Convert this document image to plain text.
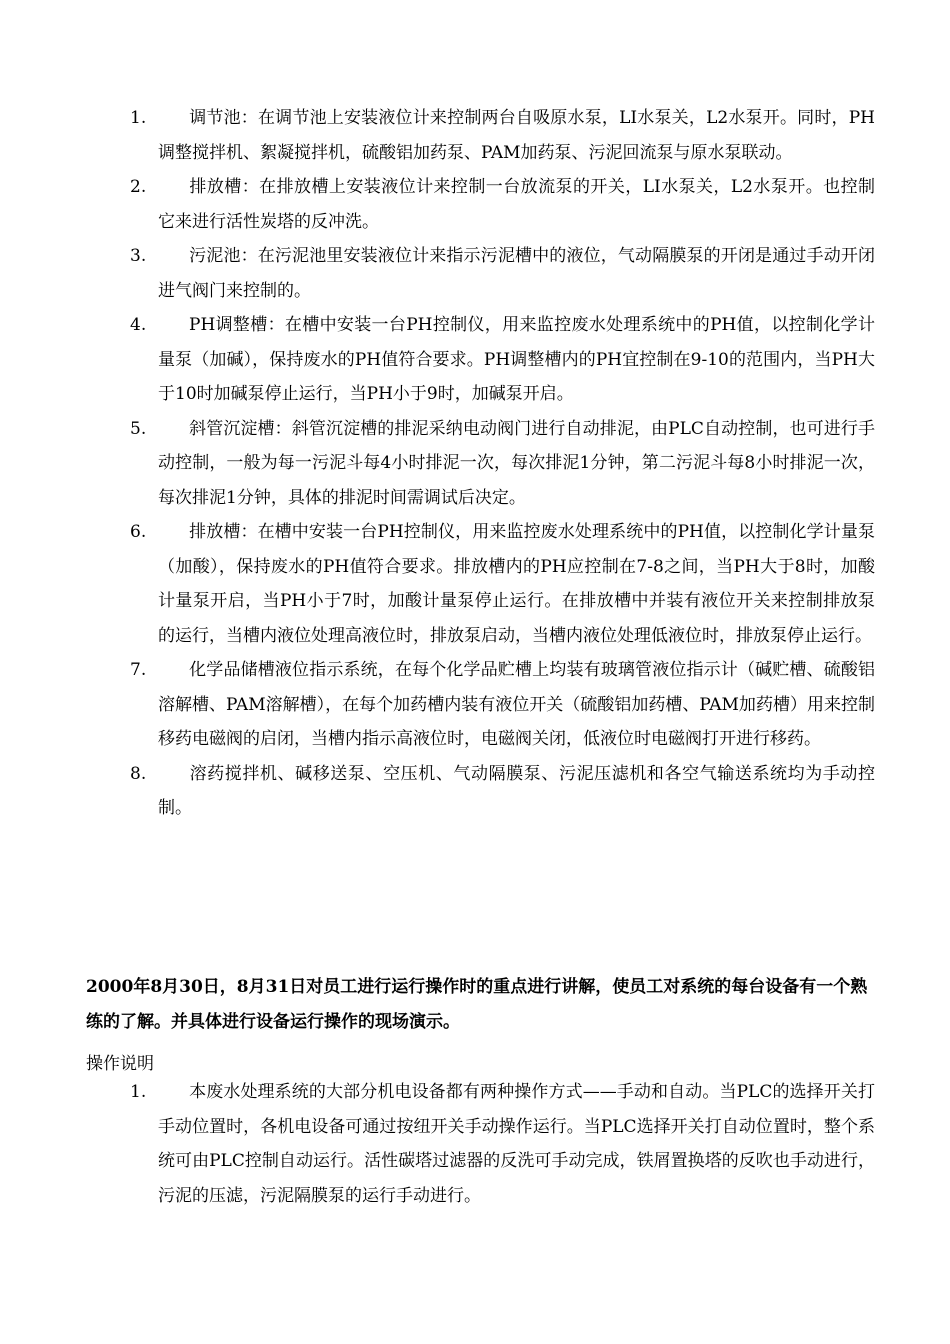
1.	调节池：在调节池上安装液位计来控制两台自吸原水泵，LI水泵关，L2水泵开。同时，PH调整搅拌机、絮凝搅拌机，硫酸铝加药泵、PAM加药泵、污泥回流泵与原水泵联动。
2.	排放槽：在排放槽上安装液位计来控制一台放流泵的开关，LI水泵关，L2水泵开。也控制它来进行活性炭塔的反冲洗。
3.	污泥池：在污泥池里安装液位计来指示污泥槽中的液位，气动隔膜泵的开闭是通过手动开闭进气阀门来控制的。
4.	PH调整槽：在槽中安装一台PH控制仪，用来监控废水处理系统中的PH值，以控制化学计量泵（加碱），保持废水的PH值符合要求。PH调整槽内的PH宜控制在9-10的范围内，当PH大于10时加碱泵停止运行，当PH小于9时，加碱泵开启。
5.	斜管沉淀槽：斜管沉淀槽的排泥采纳电动阀门进行自动排泥，由PLC自动控制，也可进行手动控制，一般为每一污泥斗每4小时排泥一次，每次排泥1分钟，第二污泥斗每8小时排泥一次，每次排泥1分钟，具体的排泥时间需调试后决定。
6.	排放槽：在槽中安装一台PH控制仪，用来监控废水处理系统中的PH值，以控制化学计量泵（加酸），保持废水的PH值符合要求。排放槽内的PH应控制在7-8之间，当PH大于8时，加酸计量泵开启，当PH小于7时，加酸计量泵停止运行。在排放槽中并装有液位开关来控制排放泵的运行，当槽内液位处理高液位时，排放泵启动，当槽内液位处理低液位时，排放泵停止运行。
7.	化学品储槽液位指示系统，在每个化学品贮槽上均装有玻璃管液位指示计（碱贮槽、硫酸铝溶解槽、PAM溶解槽），在每个加药槽内装有液位开关（硫酸铝加药槽、PAM加药槽）用来控制移药电磁阀的启闭，当槽内指示高液位时，电磁阀关闭，低液位时电磁阀打开进行移药。
8.	溶药搅拌机、碱移送泵、空压机、气动隔膜泵、污泥压滤机和各空气输送系统均为手动控制。

2000年8月30日，8月31日对员工进行运行操作时的重点进行讲解，使员工对系统的每台设备有一个熟练的了解。并具体进行设备运行操作的现场演示。

操作说明
1.	本废水处理系统的大部分机电设备都有两种操作方式——手动和自动。当PLC的选择开关打手动位置时，各机电设备可通过按纽开关手动操作运行。当PLC选择开关打自动位置时，整个系统可由PLC控制自动运行。活性碳塔过滤器的反洗可手动完成，铁屑置换塔的反吹也手动进行，污泥的压滤，污泥隔膜泵的运行手动进行。
